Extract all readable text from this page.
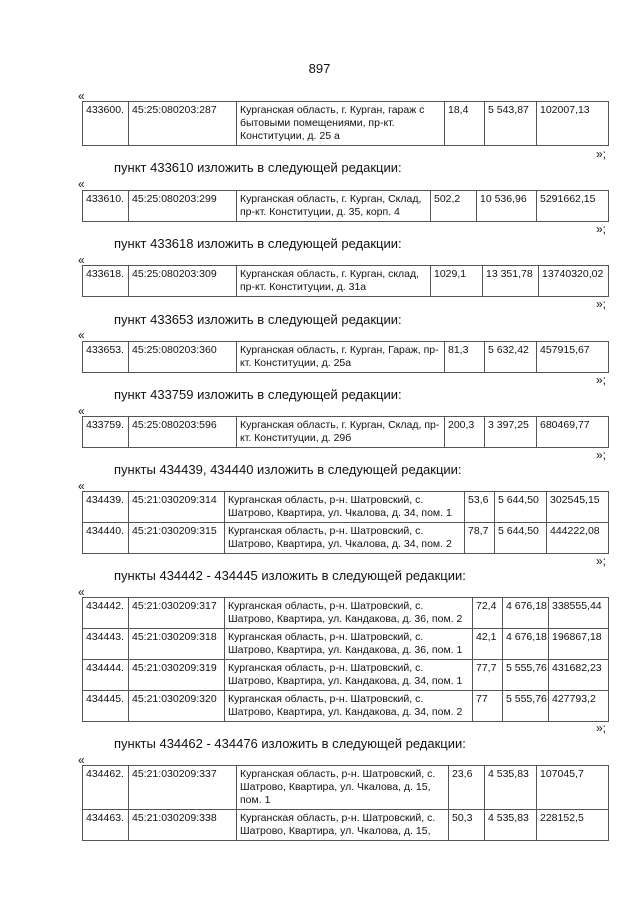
897
«
433600.	45:25:080203:287	Курганская область, г. Курган, гараж с бытовыми помещениями, пр-кт. Конституции, д. 25 а	18,4	5 543,87	102007,13
»;
пункт 433610 изложить в следующей редакции:
«
433610.	45:25:080203:299	Курганская область, г. Курган, Склад, пр-кт. Конституции, д. 35, корп. 4	502,2	10 536,96	5291662,15
»;
пункт 433618 изложить в следующей редакции:
«
433618.	45:25:080203:309	Курганская область, г. Курган, склад, пр-кт. Конституции, д. 31а	1029,1	13 351,78	13740320,02
»;
пункт 433653 изложить в следующей редакции:
«
433653.	45:25:080203:360	Курганская область, г. Курган, Гараж, пр-кт. Конституции, д. 25а	81,3	5 632,42	457915,67
»;
пункт 433759 изложить в следующей редакции:
«
433759.	45:25:080203:596	Курганская область, г. Курган, Склад, пр-кт. Конституции, д. 29б	200,3	3 397,25	680469,77
»;
пункты 434439, 434440 изложить в следующей редакции:
«
434439.	45:21:030209:314	Курганская область, р-н. Шатровский, с. Шатрово, Квартира, ул. Чкалова, д. 34, пом. 1	53,6	5 644,50	302545,15
434440.	45:21:030209:315	Курганская область, р-н. Шатровский, с. Шатрово, Квартира, ул. Чкалова, д. 34, пом. 2	78,7	5 644,50	444222,08
»;
пункты 434442 - 434445 изложить в следующей редакции:
«
434442.	45:21:030209:317	Курганская область, р-н. Шатровский, с. Шатрово, Квартира, ул. Кандакова, д. 36, пом. 2	72,4	4 676,18	338555,44
434443.	45:21:030209:318	Курганская область, р-н. Шатровский, с. Шатрово, Квартира, ул. Кандакова, д. 36, пом. 1	42,1	4 676,18	196867,18
434444.	45:21:030209:319	Курганская область, р-н. Шатровский, с. Шатрово, Квартира, ул. Кандакова, д. 34, пом. 1	77,7	5 555,76	431682,23
434445.	45:21:030209:320	Курганская область, р-н. Шатровский, с. Шатрово, Квартира, ул. Кандакова, д. 34, пом. 2	77	5 555,76	427793,2
»;
пункты 434462 - 434476 изложить в следующей редакции:
«
434462.	45:21:030209:337	Курганская область, р-н. Шатровский, с. Шатрово, Квартира, ул. Чкалова, д. 15, пом. 1	23,6	4 535,83	107045,7
434463.	45:21:030209:338	Курганская область, р-н. Шатровский, с. Шатрово, Квартира, ул. Чкалова, д. 15,	50,3	4 535,83	228152,5
